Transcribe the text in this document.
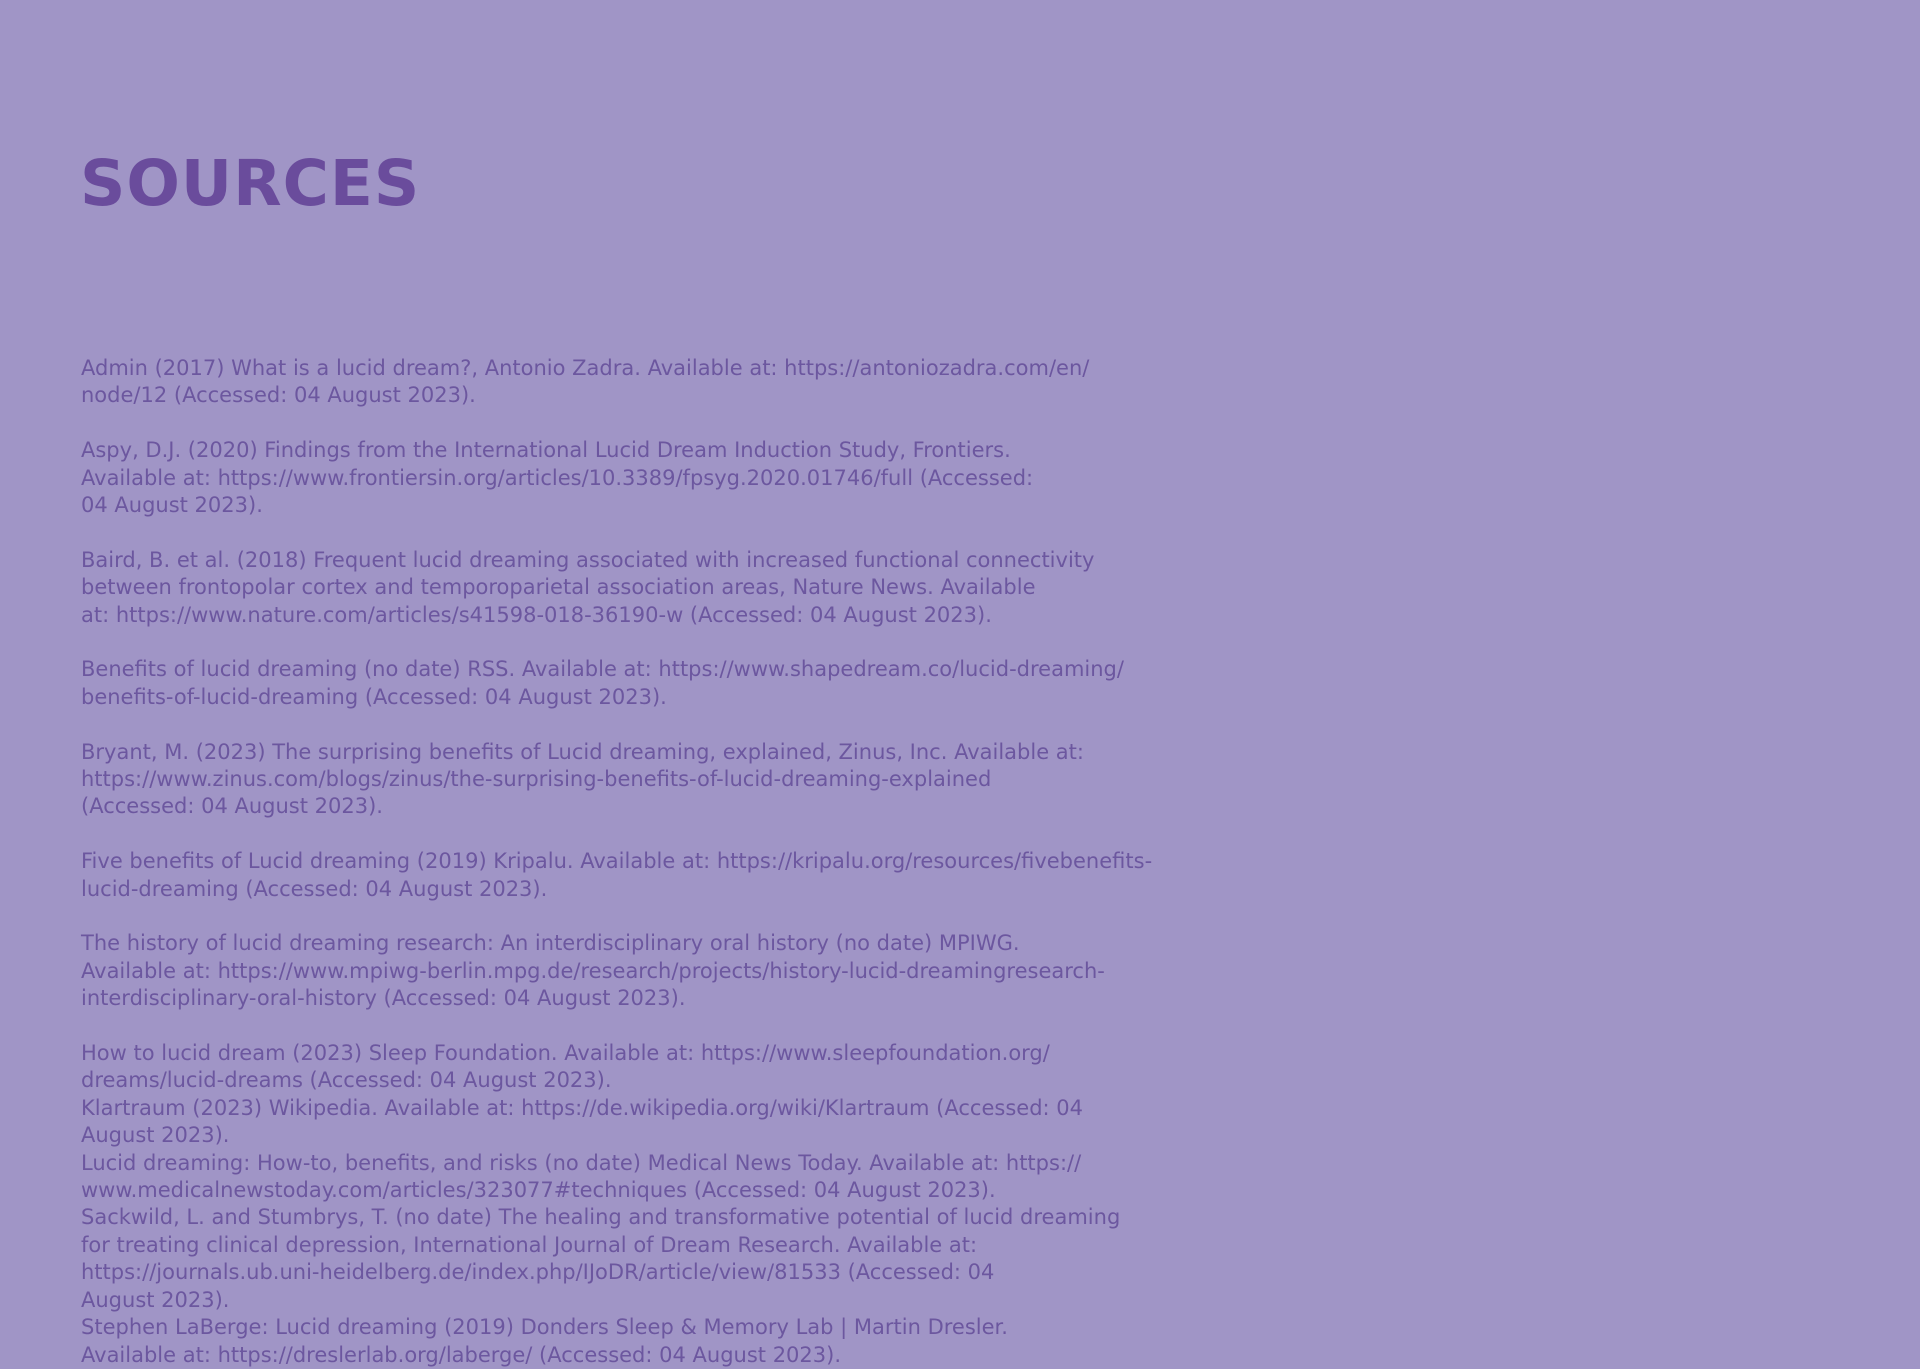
SOURCES

Admin (2017) What is a lucid dream?, Antonio Zadra. Available at: https://antoniozadra.com/en/
node/12 (Accessed: 04 August 2023).

Aspy, D.J. (2020) Findings from the International Lucid Dream Induction Study, Frontiers.
Available at: https://www.frontiersin.org/articles/10.3389/fpsyg.2020.01746/full (Accessed:
04 August 2023).

Baird, B. et al. (2018) Frequent lucid dreaming associated with increased functional connectivity
between frontopolar cortex and temporoparietal association areas, Nature News. Available
at: https://www.nature.com/articles/s41598-018-36190-w (Accessed: 04 August 2023).

Benefits of lucid dreaming (no date) RSS. Available at: https://www.shapedream.co/lucid-dreaming/
benefits-of-lucid-dreaming (Accessed: 04 August 2023).

Bryant, M. (2023) The surprising benefits of Lucid dreaming, explained, Zinus, Inc. Available at:
https://www.zinus.com/blogs/zinus/the-surprising-benefits-of-lucid-dreaming-explained
(Accessed: 04 August 2023).

Five benefits of Lucid dreaming (2019) Kripalu. Available at: https://kripalu.org/resources/fivebenefits-
lucid-dreaming (Accessed: 04 August 2023).

The history of lucid dreaming research: An interdisciplinary oral history (no date) MPIWG.
Available at: https://www.mpiwg-berlin.mpg.de/research/projects/history-lucid-dreamingresearch-
interdisciplinary-oral-history (Accessed: 04 August 2023).

How to lucid dream (2023) Sleep Foundation. Available at: https://www.sleepfoundation.org/
dreams/lucid-dreams (Accessed: 04 August 2023).

Klartraum (2023) Wikipedia. Available at: https://de.wikipedia.org/wiki/Klartraum (Accessed: 04
August 2023).

Lucid dreaming: How-to, benefits, and risks (no date) Medical News Today. Available at: https://
www.medicalnewstoday.com/articles/323077#techniques (Accessed: 04 August 2023).

Sackwild, L. and Stumbrys, T. (no date) The healing and transformative potential of lucid dreaming
for treating clinical depression, International Journal of Dream Research. Available at:
https://journals.ub.uni-heidelberg.de/index.php/IJoDR/article/view/81533 (Accessed: 04
August 2023).

Stephen LaBerge: Lucid dreaming (2019) Donders Sleep & Memory Lab | Martin Dresler.
Available at: https://dreslerlab.org/laberge/ (Accessed: 04 August 2023).
